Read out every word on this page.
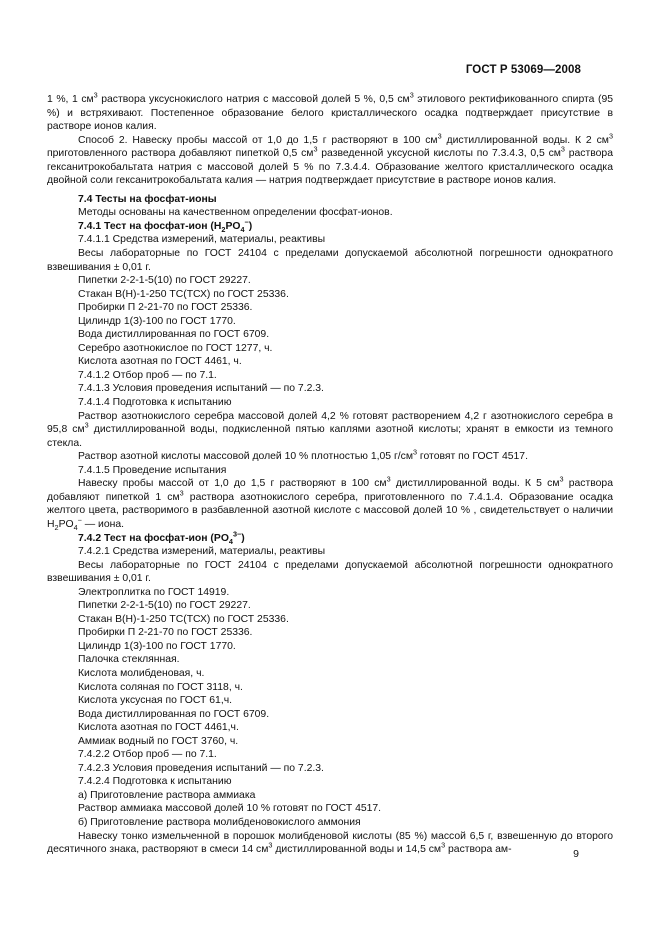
ГОСТ Р 53069—2008

1 %, 1 $см^3$ раствора уксуснокислого натрия с массовой долей 5 %, 0,5 $см^3$ этилового ректификованного спирта (95 %) и встряхивают. Постепенное образование белого кристаллического осадка подтверждает присутствие в растворе ионов калия.

Способ 2. Навеску пробы массой от 1,0 до 1,5 г растворяют в 100 $см^3$ дистиллированной воды. К 2 $см^3$ приготовленного раствора добавляют пипеткой 0,5 $см^3$ разведенной уксусной кислоты по 7.3.4.3, 0,5 $см^3$ раствора гексанитрокобальтата натрия с массовой долей 5 % по 7.3.4.4. Образование желтого кристаллического осадка двойной соли гексанитрокобальтата калия — натрия подтверждает присутствие в растворе ионов калия.

7.4 Тесты на фосфат-ионы

Методы основаны на качественном определении фосфат-ионов.

7.4.1 Тест на фосфат-ион $(H_2PO_4^-)$

7.4.1.1 Средства измерений, материалы, реактивы

Весы лабораторные по ГОСТ 24104 с пределами допускаемой абсолютной погрешности однократного взвешивания ± 0,01 г.

Пипетки 2-2-1-5(10) по ГОСТ 29227.

Стакан В(Н)-1-250 ТС(ТСХ) по ГОСТ 25336.

Пробирки П 2-21-70 по ГОСТ 25336.

Цилиндр 1(3)-100 по ГОСТ 1770.

Вода дистиллированная по ГОСТ 6709.

Серебро азотнокислое по ГОСТ 1277, ч.

Кислота азотная по ГОСТ 4461, ч.

7.4.1.2 Отбор проб — по 7.1.

7.4.1.3 Условия проведения испытаний — по 7.2.3.

7.4.1.4 Подготовка к испытанию

Раствор азотнокислого серебра массовой долей 4,2 % готовят растворением 4,2 г азотнокислого серебра в 95,8 $см^3$ дистиллированной воды, подкисленной пятью каплями азотной кислоты; хранят в емкости из темного стекла.

Раствор азотной кислоты массовой долей 10 % плотностью 1,05 $г/см^3$ готовят по ГОСТ 4517.

7.4.1.5 Проведение испытания

Навеску пробы массой от 1,0 до 1,5 г растворяют в 100 $см^3$ дистиллированной воды. К 5 $см^3$ раствора добавляют пипеткой 1 $см^3$ раствора азотнокислого серебра, приготовленного по 7.4.1.4. Образование осадка желтого цвета, растворимого в разбавленной азотной кислоте с массовой долей 10 % , свидетельствует о наличии $H_2PO_4^-$ — иона.

7.4.2 Тест на фосфат-ион $(PO_4^{3-})$

7.4.2.1 Средства измерений, материалы, реактивы

Весы лабораторные по ГОСТ 24104 с пределами допускаемой абсолютной погрешности однократного взвешивания ± 0,01 г.

Электроплитка по ГОСТ 14919.

Пипетки 2-2-1-5(10) по ГОСТ 29227.

Стакан В(Н)-1-250 ТС(ТСХ) по ГОСТ 25336.

Пробирки П 2-21-70 по ГОСТ 25336.

Цилиндр 1(3)-100 по ГОСТ 1770.

Палочка стеклянная.

Кислота молибденовая, ч.

Кислота соляная по ГОСТ 3118, ч.

Кислота уксусная по ГОСТ 61,ч.

Вода дистиллированная по ГОСТ 6709.

Кислота азотная по ГОСТ 4461,ч.

Аммиак водный по ГОСТ 3760, ч.

7.4.2.2 Отбор проб — по 7.1.

7.4.2.3 Условия проведения испытаний — по 7.2.3.

7.4.2.4 Подготовка к испытанию

а) Приготовление раствора аммиака

Раствор аммиака массовой долей 10 % готовят по ГОСТ 4517.

б) Приготовление раствора молибденовокислого аммония

Навеску тонко измельченной в порошок молибденовой кислоты (85 %) массой 6,5 г, взвешенную до второго десятичного знака, растворяют в смеси 14 $см^3$ дистиллированной воды и 14,5 $см^3$ раствора ам-	9
